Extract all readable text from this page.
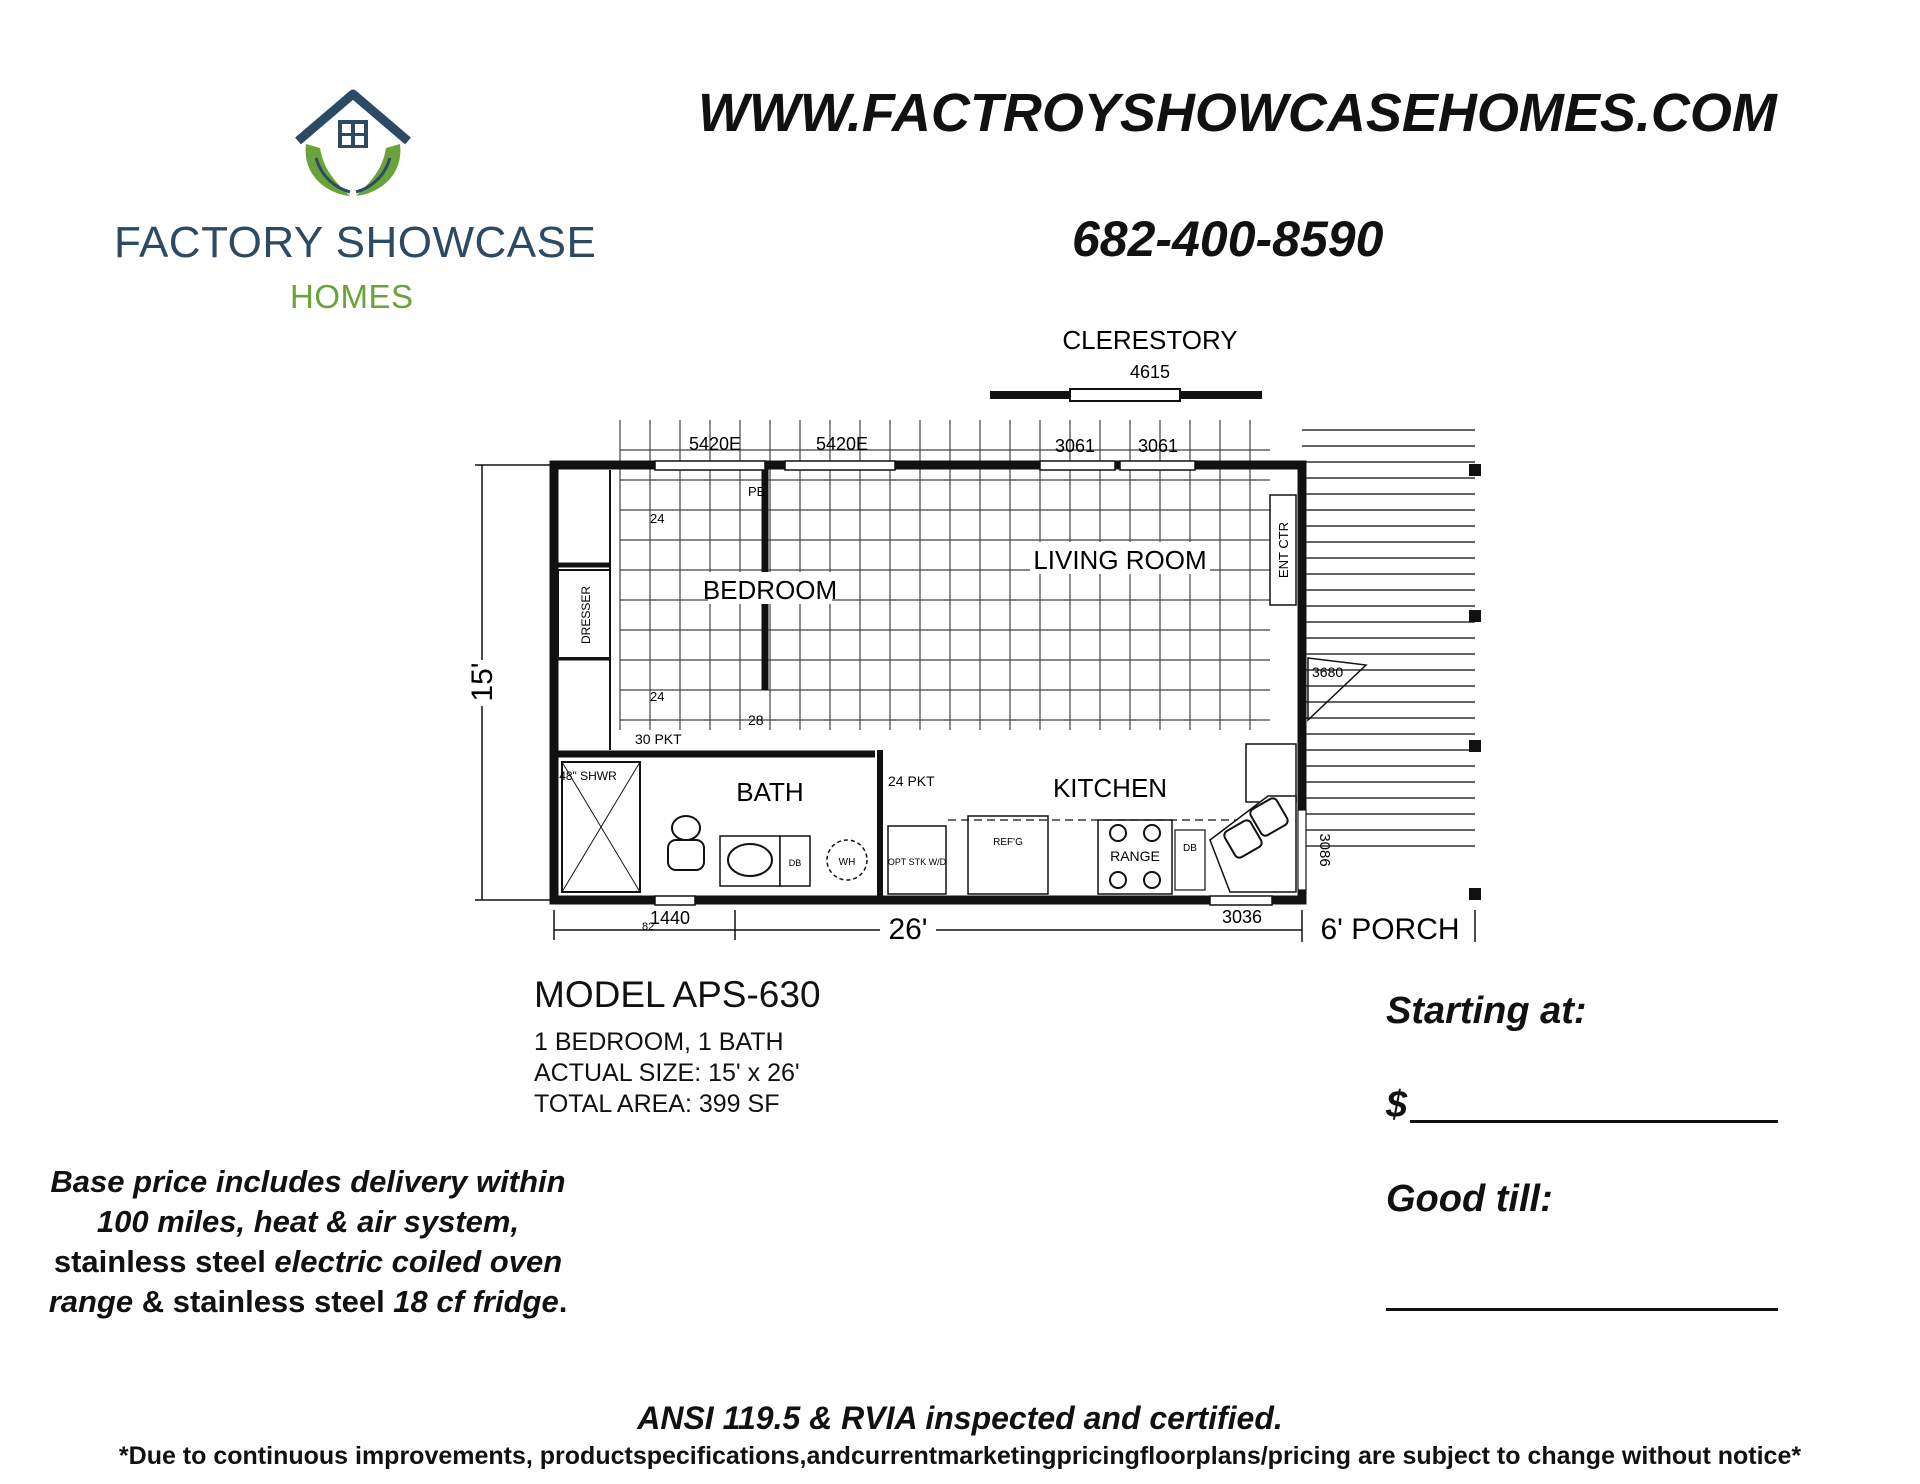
FACTORY SHOWCASE
HOMES
WWW.FACTROYSHOWCASEHOMES.COM
682-400-8590
CLERESTORY
4615
5420E	5420E	3061 3061
BEDROOM
LIVING ROOM
BATH	KITCHEN
ENT CTR
DRESSER
PB
24
24
28
30 PKT
24 PKT
3680
48" SHWR
DB	WH	OPT STK W/D
REF'G
RANGE DB	3086
1440
82	26'	3036 6' PORCH
15'
MODEL APS-630
1 BEDROOM, 1 BATH
ACTUAL SIZE: 15' x 26'
TOTAL AREA: 399 SF
Starting at:
$
Good till:
Base price includes delivery within 100 miles, heat & air system, stainless steel electric coiled oven range & stainless steel 18 cf fridge.
ANSI 119.5 & RVIA inspected and certified.
*Due to continuous improvements, productspecifications,andcurrentmarketingpricingfloorplans/pricing are subject to change without notice*
